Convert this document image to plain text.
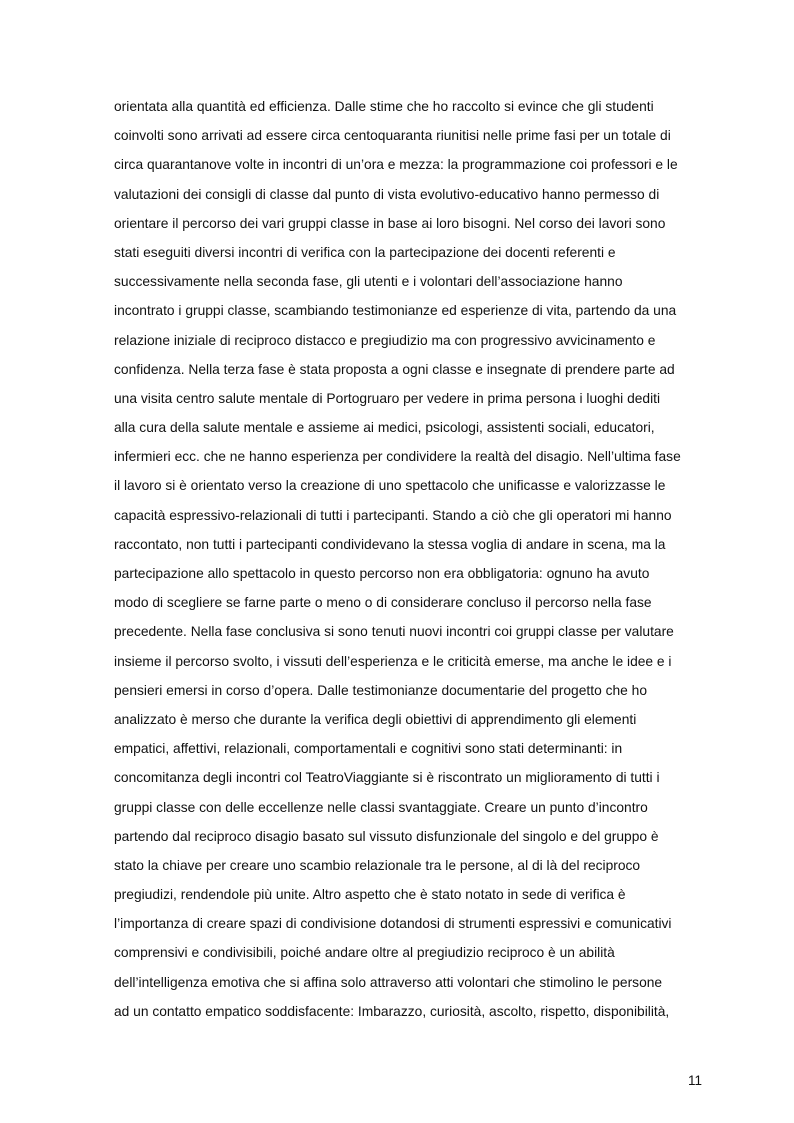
orientata alla quantità ed efficienza. Dalle stime che ho raccolto si evince che gli studenti
coinvolti sono arrivati ad essere circa centoquaranta riunitisi nelle prime fasi per un totale di
circa quarantanove volte in incontri di un’ora e mezza: la programmazione coi professori e le
valutazioni dei consigli di classe dal punto di vista evolutivo-educativo hanno permesso di
orientare il percorso dei vari gruppi classe in base ai loro bisogni. Nel corso dei lavori sono
stati eseguiti diversi incontri di verifica con la partecipazione dei docenti referenti e
successivamente nella seconda fase, gli utenti e i volontari dell’associazione hanno
incontrato i gruppi classe, scambiando testimonianze ed esperienze di vita, partendo da una
relazione iniziale di reciproco distacco e pregiudizio ma con progressivo avvicinamento e
confidenza. Nella terza fase è stata proposta a ogni classe e insegnate di prendere parte ad
una visita centro salute mentale di Portogruaro per vedere in prima persona i luoghi dediti
alla cura della salute mentale e assieme ai medici, psicologi, assistenti sociali, educatori,
infermieri ecc. che ne hanno esperienza per condividere la realtà del disagio. Nell’ultima fase
il lavoro si è orientato verso la creazione di uno spettacolo che unificasse e valorizzasse le
capacità espressivo-relazionali di tutti i partecipanti. Stando a ciò che gli operatori mi hanno
raccontato, non tutti i partecipanti condividevano la stessa voglia di andare in scena, ma la
partecipazione allo spettacolo in questo percorso non era obbligatoria: ognuno ha avuto
modo di scegliere se farne parte o meno o di considerare concluso il percorso nella fase
precedente. Nella fase conclusiva si sono tenuti nuovi incontri coi gruppi classe per valutare
insieme il percorso svolto, i vissuti dell’esperienza e le criticità emerse, ma anche le idee e i
pensieri emersi in corso d’opera. Dalle testimonianze documentarie del progetto che ho
analizzato è merso che durante la verifica degli obiettivi di apprendimento gli elementi
empatici, affettivi, relazionali, comportamentali e cognitivi sono stati determinanti: in
concomitanza degli incontri col TeatroViaggiante si è riscontrato un miglioramento di tutti i
gruppi classe con delle eccellenze nelle classi svantaggiate. Creare un punto d’incontro
partendo dal reciproco disagio basato sul vissuto disfunzionale del singolo e del gruppo è
stato la chiave per creare uno scambio relazionale tra le persone, al di là del reciproco
pregiudizi, rendendole più unite. Altro aspetto che è stato notato in sede di verifica è
l’importanza di creare spazi di condivisione dotandosi di strumenti espressivi e comunicativi
comprensivi e condivisibili, poiché andare oltre al pregiudizio reciproco è un abilità
dell’intelligenza emotiva che si affina solo attraverso atti volontari che stimolino le persone
ad un contatto empatico soddisfacente: Imbarazzo, curiosità, ascolto, rispetto, disponibilità,
11
